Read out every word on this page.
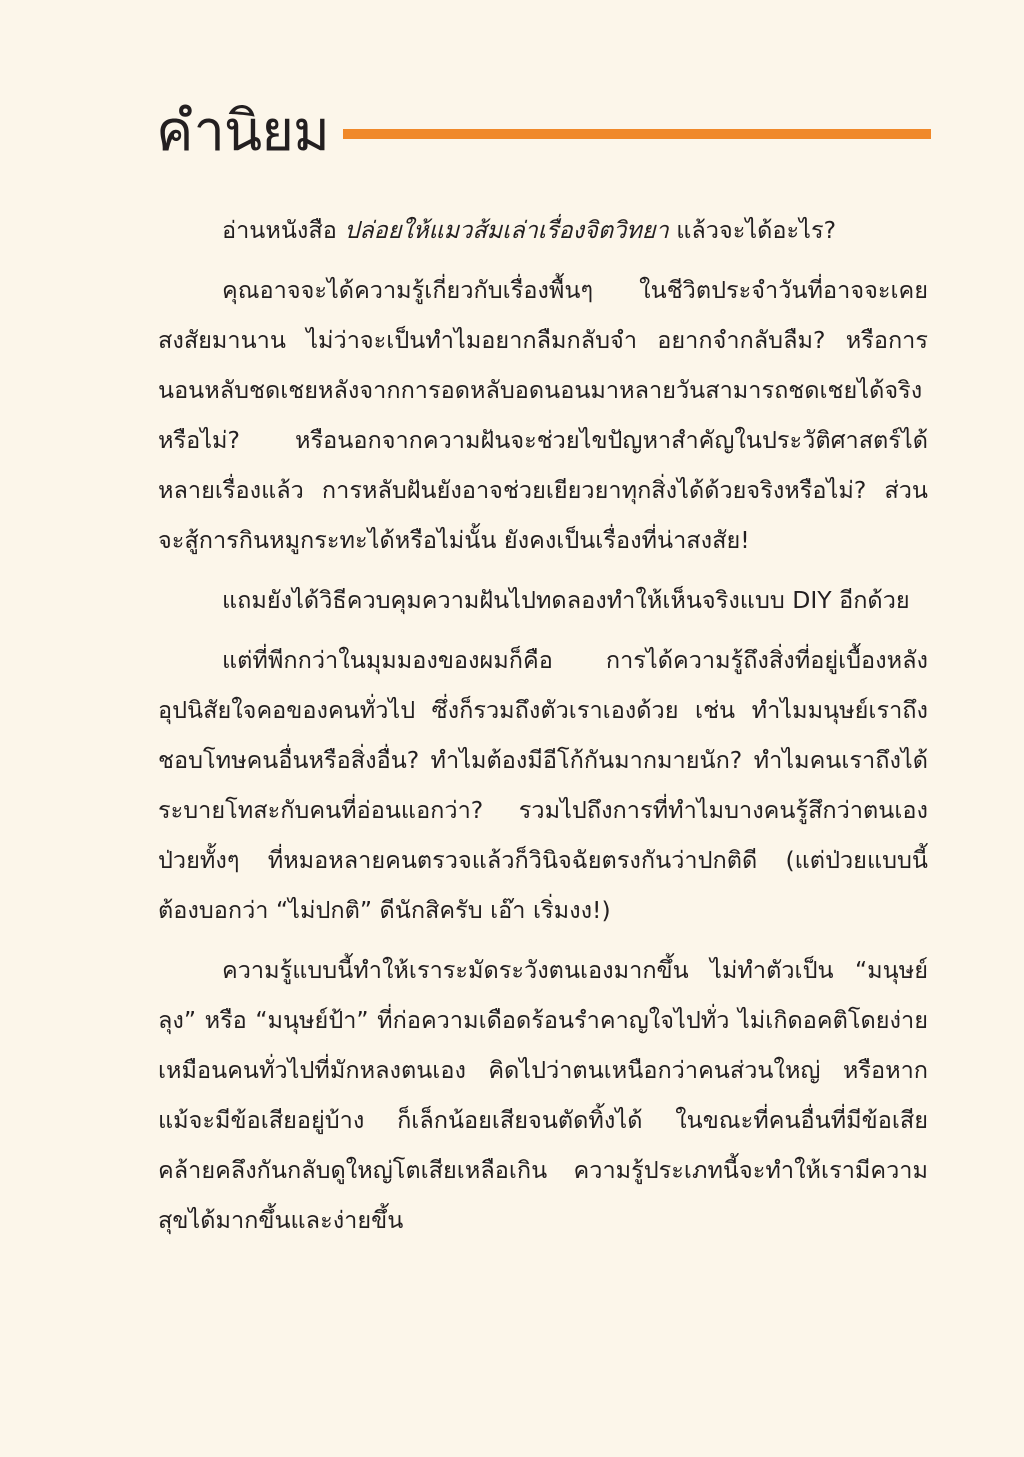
คำนิยม

อ่านหนังสือ ปล่อยให้แมวส้มเล่าเรื่องจิตวิทยา แล้วจะได้อะไร?

คุณอาจจะได้ความรู้เกี่ยวกับเรื่องพื้นๆ ในชีวิตประจำวันที่อาจจะเคยสงสัยมานาน ไม่ว่าจะเป็นทำไมอยากลืมกลับจำ อยากจำกลับลืม? หรือการนอนหลับชดเชยหลังจากการอดหลับอดนอนมาหลายวันสามารถชดเชยได้จริงหรือไม่? หรือนอกจากความฝันจะช่วยไขปัญหาสำคัญในประวัติศาสตร์ได้หลายเรื่องแล้ว การหลับฝันยังอาจช่วยเยียวยาทุกสิ่งได้ด้วยจริงหรือไม่? ส่วนจะสู้การกินหมูกระทะได้หรือไม่นั้น ยังคงเป็นเรื่องที่น่าสงสัย!

แถมยังได้วิธีควบคุมความฝันไปทดลองทำให้เห็นจริงแบบ DIY อีกด้วย

แต่ที่พีกกว่าในมุมมองของผมก็คือ การได้ความรู้ถึงสิ่งที่อยู่เบื้องหลังอุปนิสัยใจคอของคนทั่วไป ซึ่งก็รวมถึงตัวเราเองด้วย เช่น ทำไมมนุษย์เราถึงชอบโทษคนอื่นหรือสิ่งอื่น? ทำไมต้องมีอีโก้กันมากมายนัก? ทำไมคนเราถึงได้ระบายโทสะกับคนที่อ่อนแอกว่า? รวมไปถึงการที่ทำไมบางคนรู้สึกว่าตนเองป่วยทั้งๆ ที่หมอหลายคนตรวจแล้วก็วินิจฉัยตรงกันว่าปกติดี (แต่ป่วยแบบนี้ ต้องบอกว่า “ไม่ปกติ” ดีนักสิครับ เอ๊า เริ่มงง!)

ความรู้แบบนี้ทำให้เราระมัดระวังตนเองมากขึ้น ไม่ทำตัวเป็น “มนุษย์ลุง” หรือ “มนุษย์ป้า” ที่ก่อความเดือดร้อนรำคาญใจไปทั่ว ไม่เกิดอคติโดยง่ายเหมือนคนทั่วไปที่มักหลงตนเอง คิดไปว่าตนเหนือกว่าคนส่วนใหญ่ หรือหากแม้จะมีข้อเสียอยู่บ้าง ก็เล็กน้อยเสียจนตัดทิ้งได้ ในขณะที่คนอื่นที่มีข้อเสียคล้ายคลึงกันกลับดูใหญ่โตเสียเหลือเกิน ความรู้ประเภทนี้จะทำให้เรามีความสุขได้มากขึ้นและง่ายขึ้น
